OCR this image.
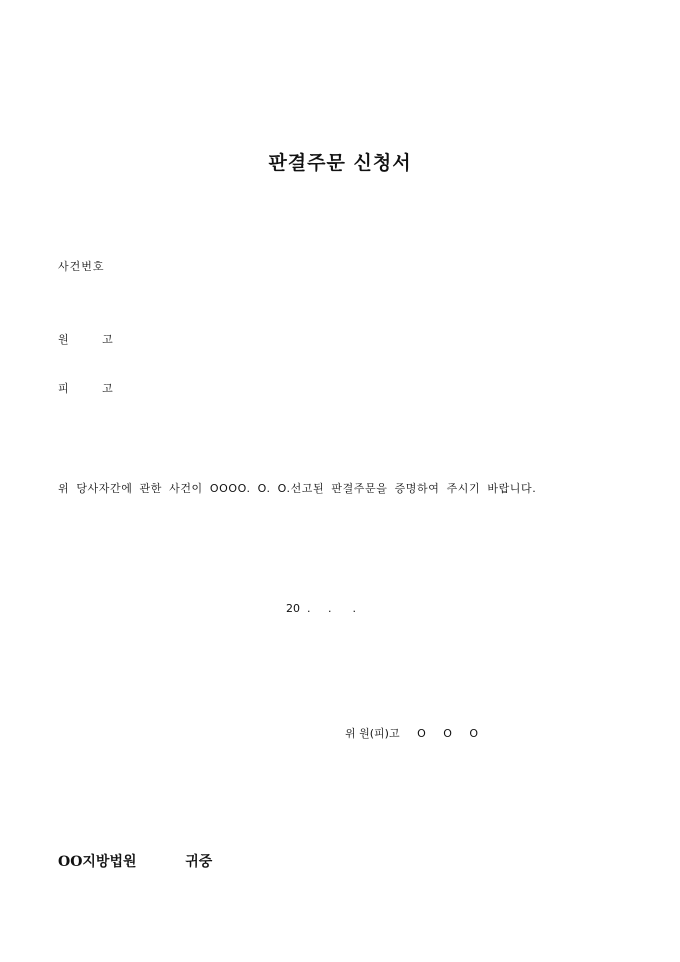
판결주문 신청서
사건번호
원 고
피 고
위 당사자간에 관한 사건이 OOOO. O. O.선고된 판결주문을 증명하여 주시기 바랍니다.
20  .     .      .
위 원(피)고     O     O     O
OO지방법원          귀중
